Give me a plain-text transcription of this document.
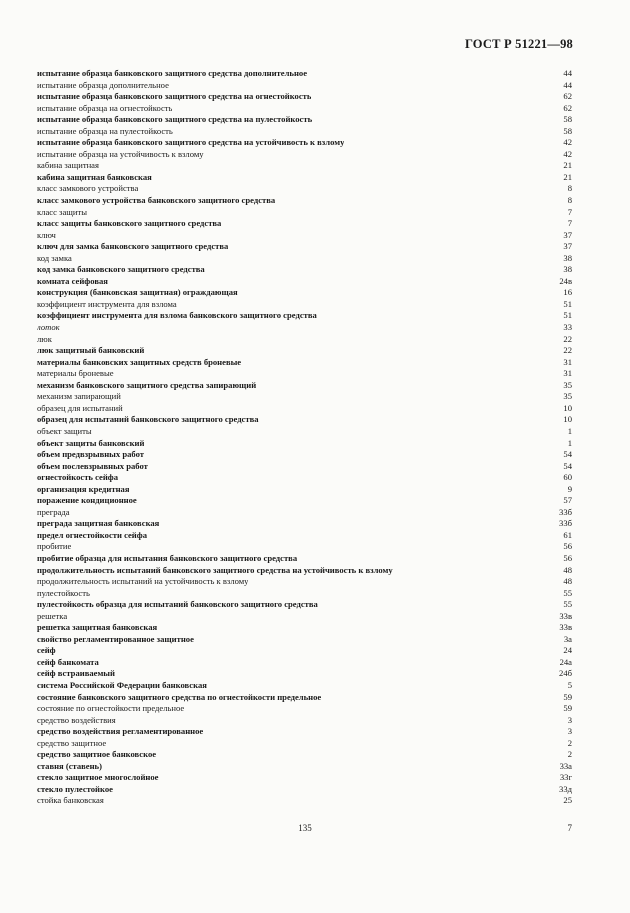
ГОСТ Р 51221—98
испытание образца банковского защитного средства дополнительное	44
испытание образца дополнительное	44
испытание образца банковского защитного средства на огнестойкость	62
испытание образца на огнестойкость	62
испытание образца банковского защитного средства на пулестойкость	58
испытание образца на пулестойкость	58
испытание образца банковского защитного средства на устойчивость к взлому	42
испытание образца на устойчивость к взлому	42
кабина защитная	21
кабина защитная банковская	21
класс замкового устройства	8
класс замкового устройства банковского защитного средства	8
класс защиты	7
класс защиты банковского защитного средства	7
ключ	37
ключ для замка банковского защитного средства	37
код замка	38
код замка банковского защитного средства	38
комната сейфовая	24в
конструкция (банковская защитная) ограждающая	16
коэффициент инструмента для взлома	51
коэффициент инструмента для взлома банковского защитного средства	51
лоток	33
люк	22
люк защитный банковский	22
материалы банковских защитных средств броневые	31
материалы броневые	31
механизм банковского защитного средства запирающий	35
механизм запирающий	35
образец для испытаний	10
образец для испытаний банковского защитного средства	10
объект защиты	1
объект защиты банковский	1
объем предвзрывных работ	54
объем послевзрывных работ	54
огнестойкость сейфа	60
организация кредитная	9
поражение кондиционное	57
преграда	33б
преграда защитная банковская	33б
предел огнестойкости сейфа	61
пробитие	56
пробитие образца для испытания банковского защитного средства	56
продолжительность испытаний банковского защитного средства на устойчивость к взлому	48
продолжительность испытаний на устойчивость к взлому	48
пулестойкость	55
пулестойкость образца для испытаний банковского защитного средства	55
решетка	33в
решетка защитная банковская	33в
свойство регламентированное защитное	3а
сейф	24
сейф банкомата	24а
сейф встраиваемый	24б
система Российской Федерации банковская	5
состояние банковского защитного средства по огнестойкости предельное	59
состояние по огнестойкости предельное	59
средство воздействия	3
средство воздействия регламентированное	3
средство защитное	2
средство защитное банковское	2
ставня (ставень)	33а
стекло защитное многослойное	33г
стекло пулестойкое	33д
стойка банковская	25
135	7
